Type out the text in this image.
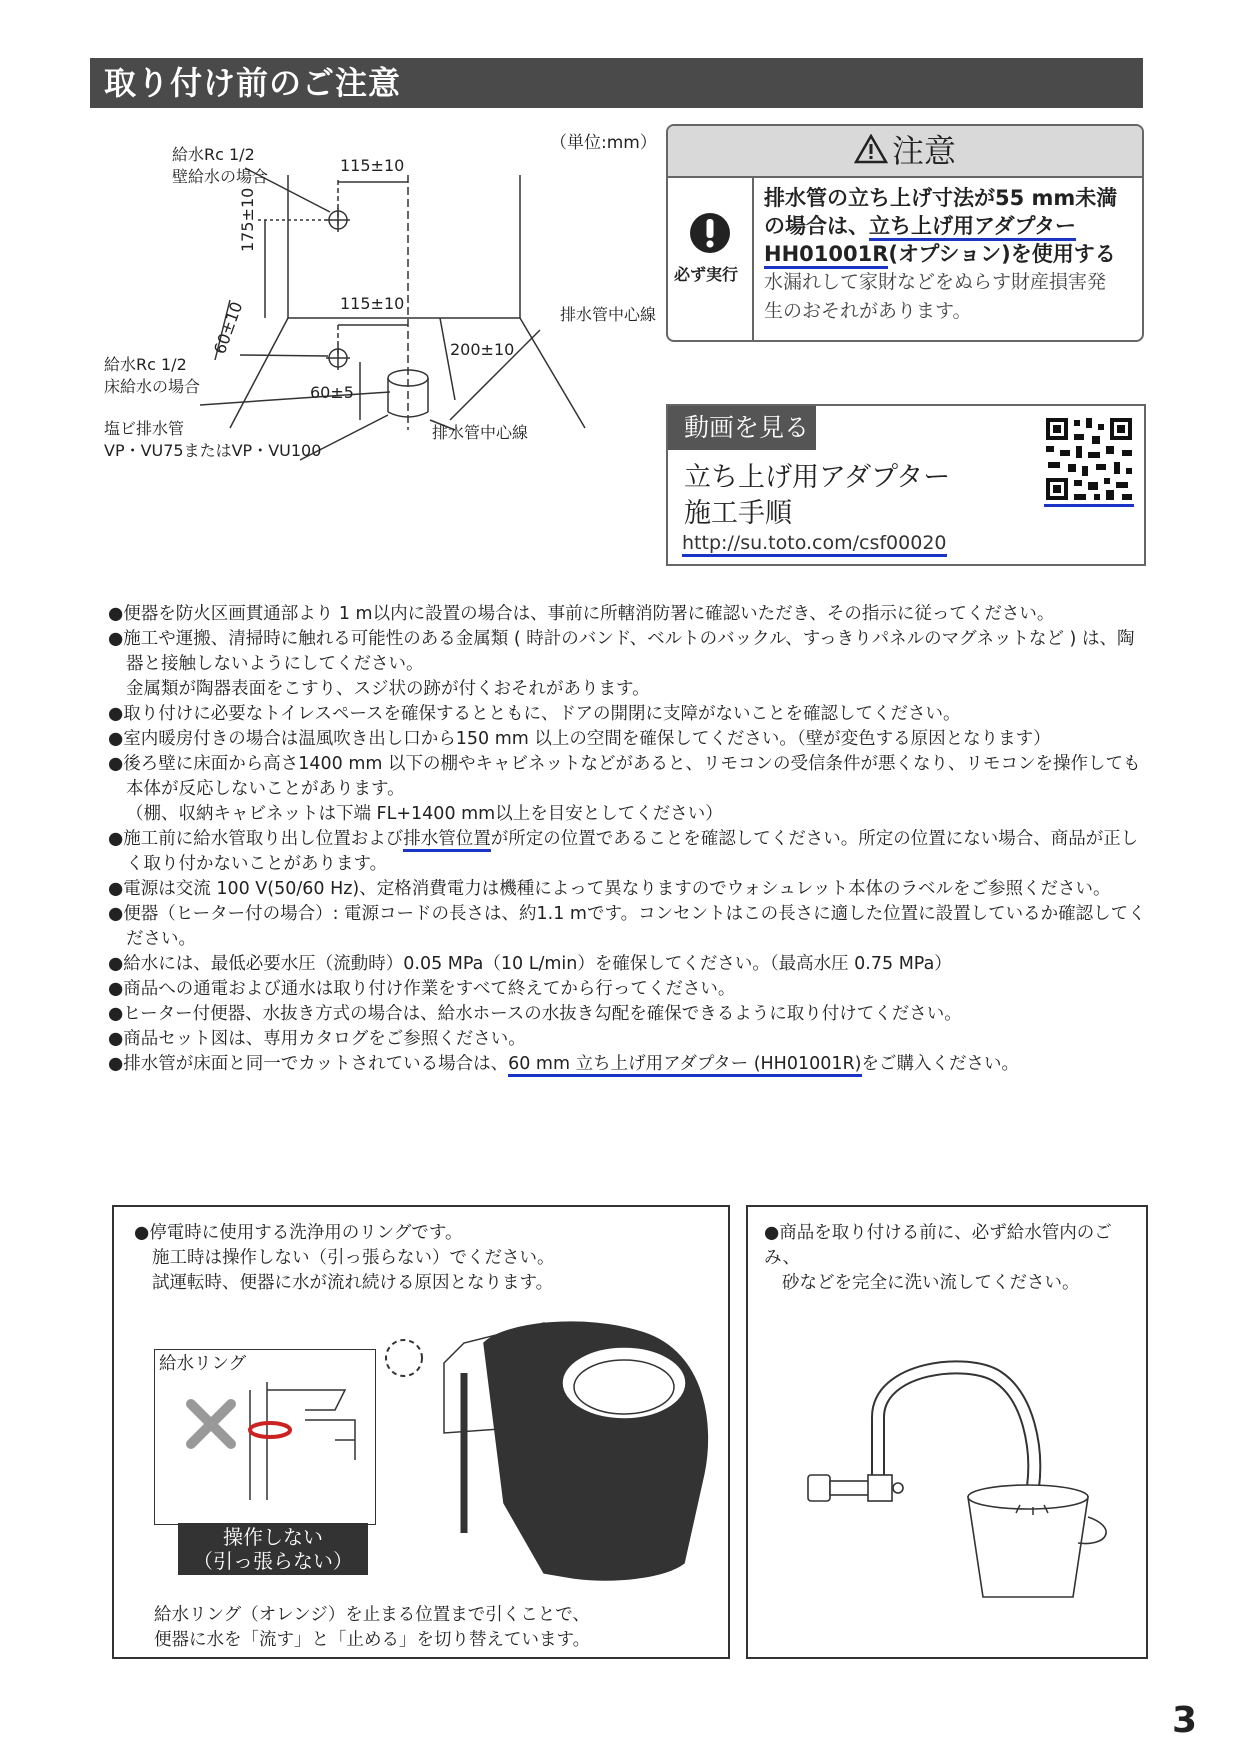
取り付け前のご注意
（単位:mm）
給水Rc 1/2
壁給水の場合
115±10
175±10
115±10
60±10	200±10
60±5
排水管中心線
給水Rc 1/2
床給水の場合
排水管中心線
塩ビ排水管
VP・VU75またはVP・VU100
注意
必ず実行
排水管の立ち上げ寸法が55 mm未満
の場合は、立ち上げ用アダプター
HH01001R(オプション)を使用する
水漏れして家財などをぬらす財産損害発
生のおそれがあります。
動画を見る
立ち上げ用アダプター
施工手順
http://su.toto.com/csf00020

●便器を防火区画貫通部より 1 m以内に設置の場合は、事前に所轄消防署に確認いただき、その指示に従ってください。

●施工や運搬、清掃時に触れる可能性のある金属類 ( 時計のバンド、ベルトのバックル、すっきりパネルのマグネットなど ) は、陶器と接触しないようにしてください。

金属類が陶器表面をこすり、スジ状の跡が付くおそれがあります。

●取り付けに必要なトイレスペースを確保するとともに、ドアの開閉に支障がないことを確認してください。

●室内暖房付きの場合は温風吹き出し口から150 mm 以上の空間を確保してください。（壁が変色する原因となります）

●後ろ壁に床面から高さ1400 mm 以下の棚やキャビネットなどがあると、リモコンの受信条件が悪くなり、リモコンを操作しても本体が反応しないことがあります。

（棚、収納キャビネットは下端 FL+1400 mm以上を目安としてください）

●施工前に給水管取り出し位置および排水管位置が所定の位置であることを確認してください。所定の位置にない場合、商品が正しく取り付かないことがあります。

●電源は交流 100 V(50/60 Hz)、定格消費電力は機種によって異なりますのでウォシュレット本体のラベルをご参照ください。

●便器（ヒーター付の場合）: 電源コードの長さは、約1.1 mです。コンセントはこの長さに適した位置に設置しているか確認してください。

●給水には、最低必要水圧（流動時）0.05 MPa（10 L/min）を確保してください。（最高水圧 0.75 MPa）

●商品への通電および通水は取り付け作業をすべて終えてから行ってください。

●ヒーター付便器、水抜き方式の場合は、給水ホースの水抜き勾配を確保できるように取り付けてください。

●商品セット図は、専用カタログをご参照ください。

●排水管が床面と同一でカットされている場合は、60 mm 立ち上げ用アダプター (HH01001R)をご購入ください。

●停電時に使用する洗浄用のリングです。
施工時は操作しない（引っ張らない）でください。
試運転時、便器に水が流れ続ける原因となります。
給水リング
操作しない
（引っ張らない）
給水リング（オレンジ）を止まる位置まで引くことで、
便器に水を「流す」と「止める」を切り替えています。
●商品を取り付ける前に、必ず給水管内のごみ、
砂などを完全に洗い流してください。
3
